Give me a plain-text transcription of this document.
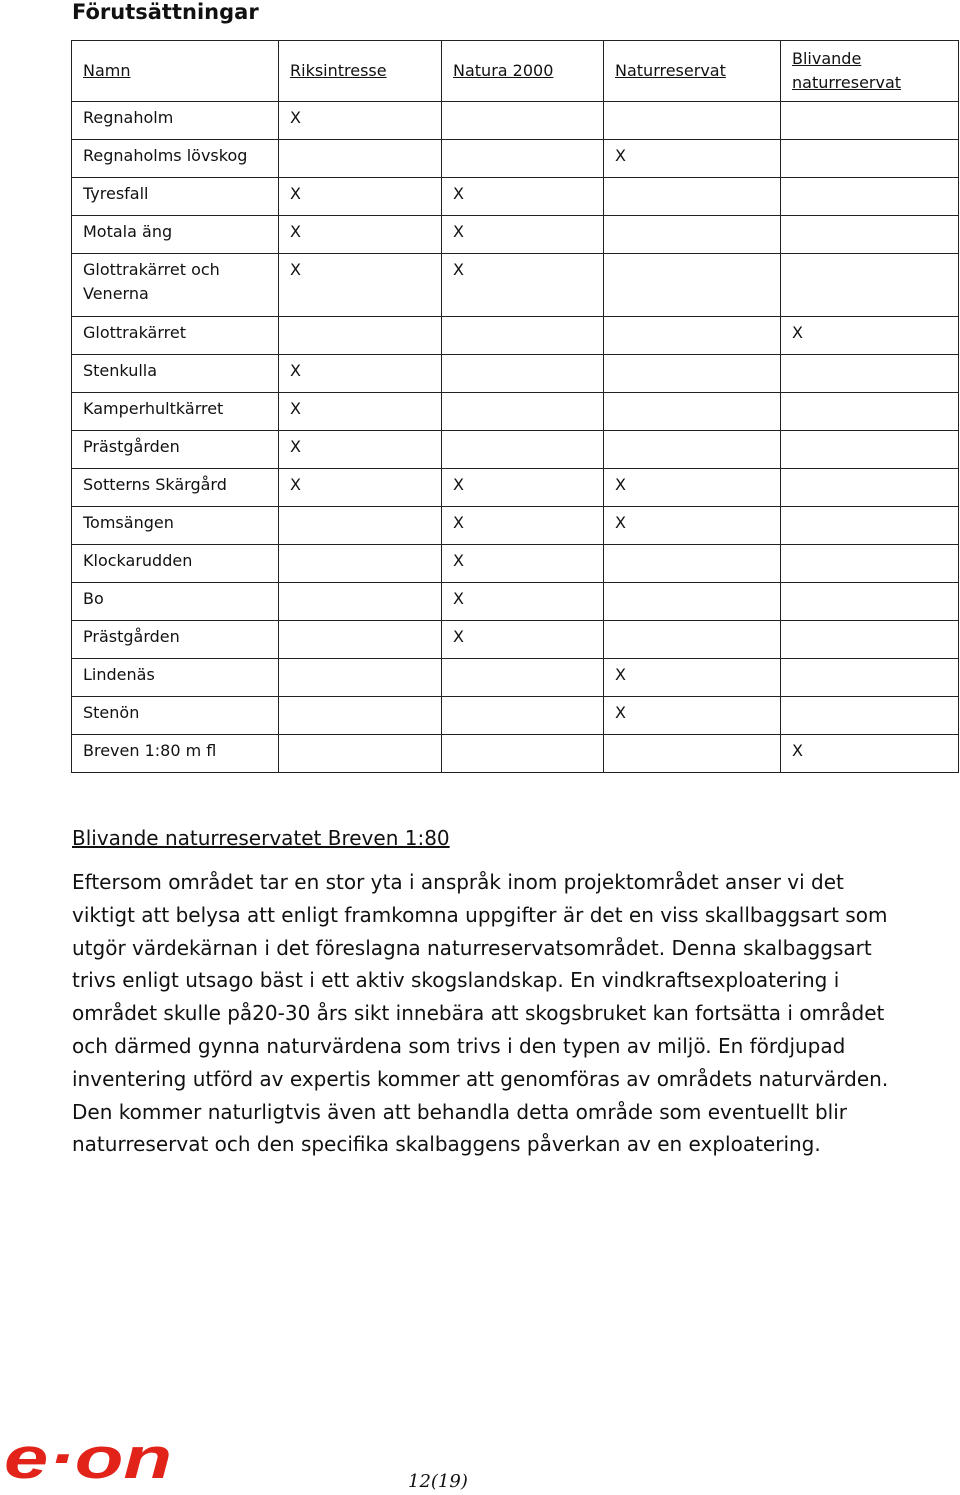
Förutsättningar
Namn	Riksintresse	Natura 2000	Naturreservat	Blivande naturreservat
Regnaholm	X			
Regnaholms lövskog			X	
Tyresfall	X	X		
Motala äng	X	X		
Glottrakärret och Venerna	X	X		
Glottrakärret				X
Stenkulla	X			
Kamperhultkärret	X			
Prästgården	X			
Sotterns Skärgård	X	X	X	
Tomsängen		X	X	
Klockarudden		X		
Bo		X		
Prästgården		X		
Lindenäs			X	
Stenön			X	
Breven 1:80 m fl				X
Blivande naturreservatet Breven 1:80

Eftersom området tar en stor yta i anspråk inom projektområdet anser vi det viktigt att belysa att enligt framkomna uppgifter är det en viss skallbaggsart som utgör värdekärnan i det föreslagna naturreservatsområdet. Denna skalbaggsart trivs enligt utsago bäst i ett aktiv skogslandskap. En vindkraftsexploatering i området skulle på20-30 års sikt innebära att skogsbruket kan fortsätta i området och därmed gynna naturvärdena som trivs i den typen av miljö. En fördjupad inventering utförd av expertis kommer att genomföras av områdets naturvärden. Den kommer naturligtvis även att behandla detta område som eventuellt blir naturreservat och den specifika skalbaggens påverkan av en exploatering.

e·on	12(19)
